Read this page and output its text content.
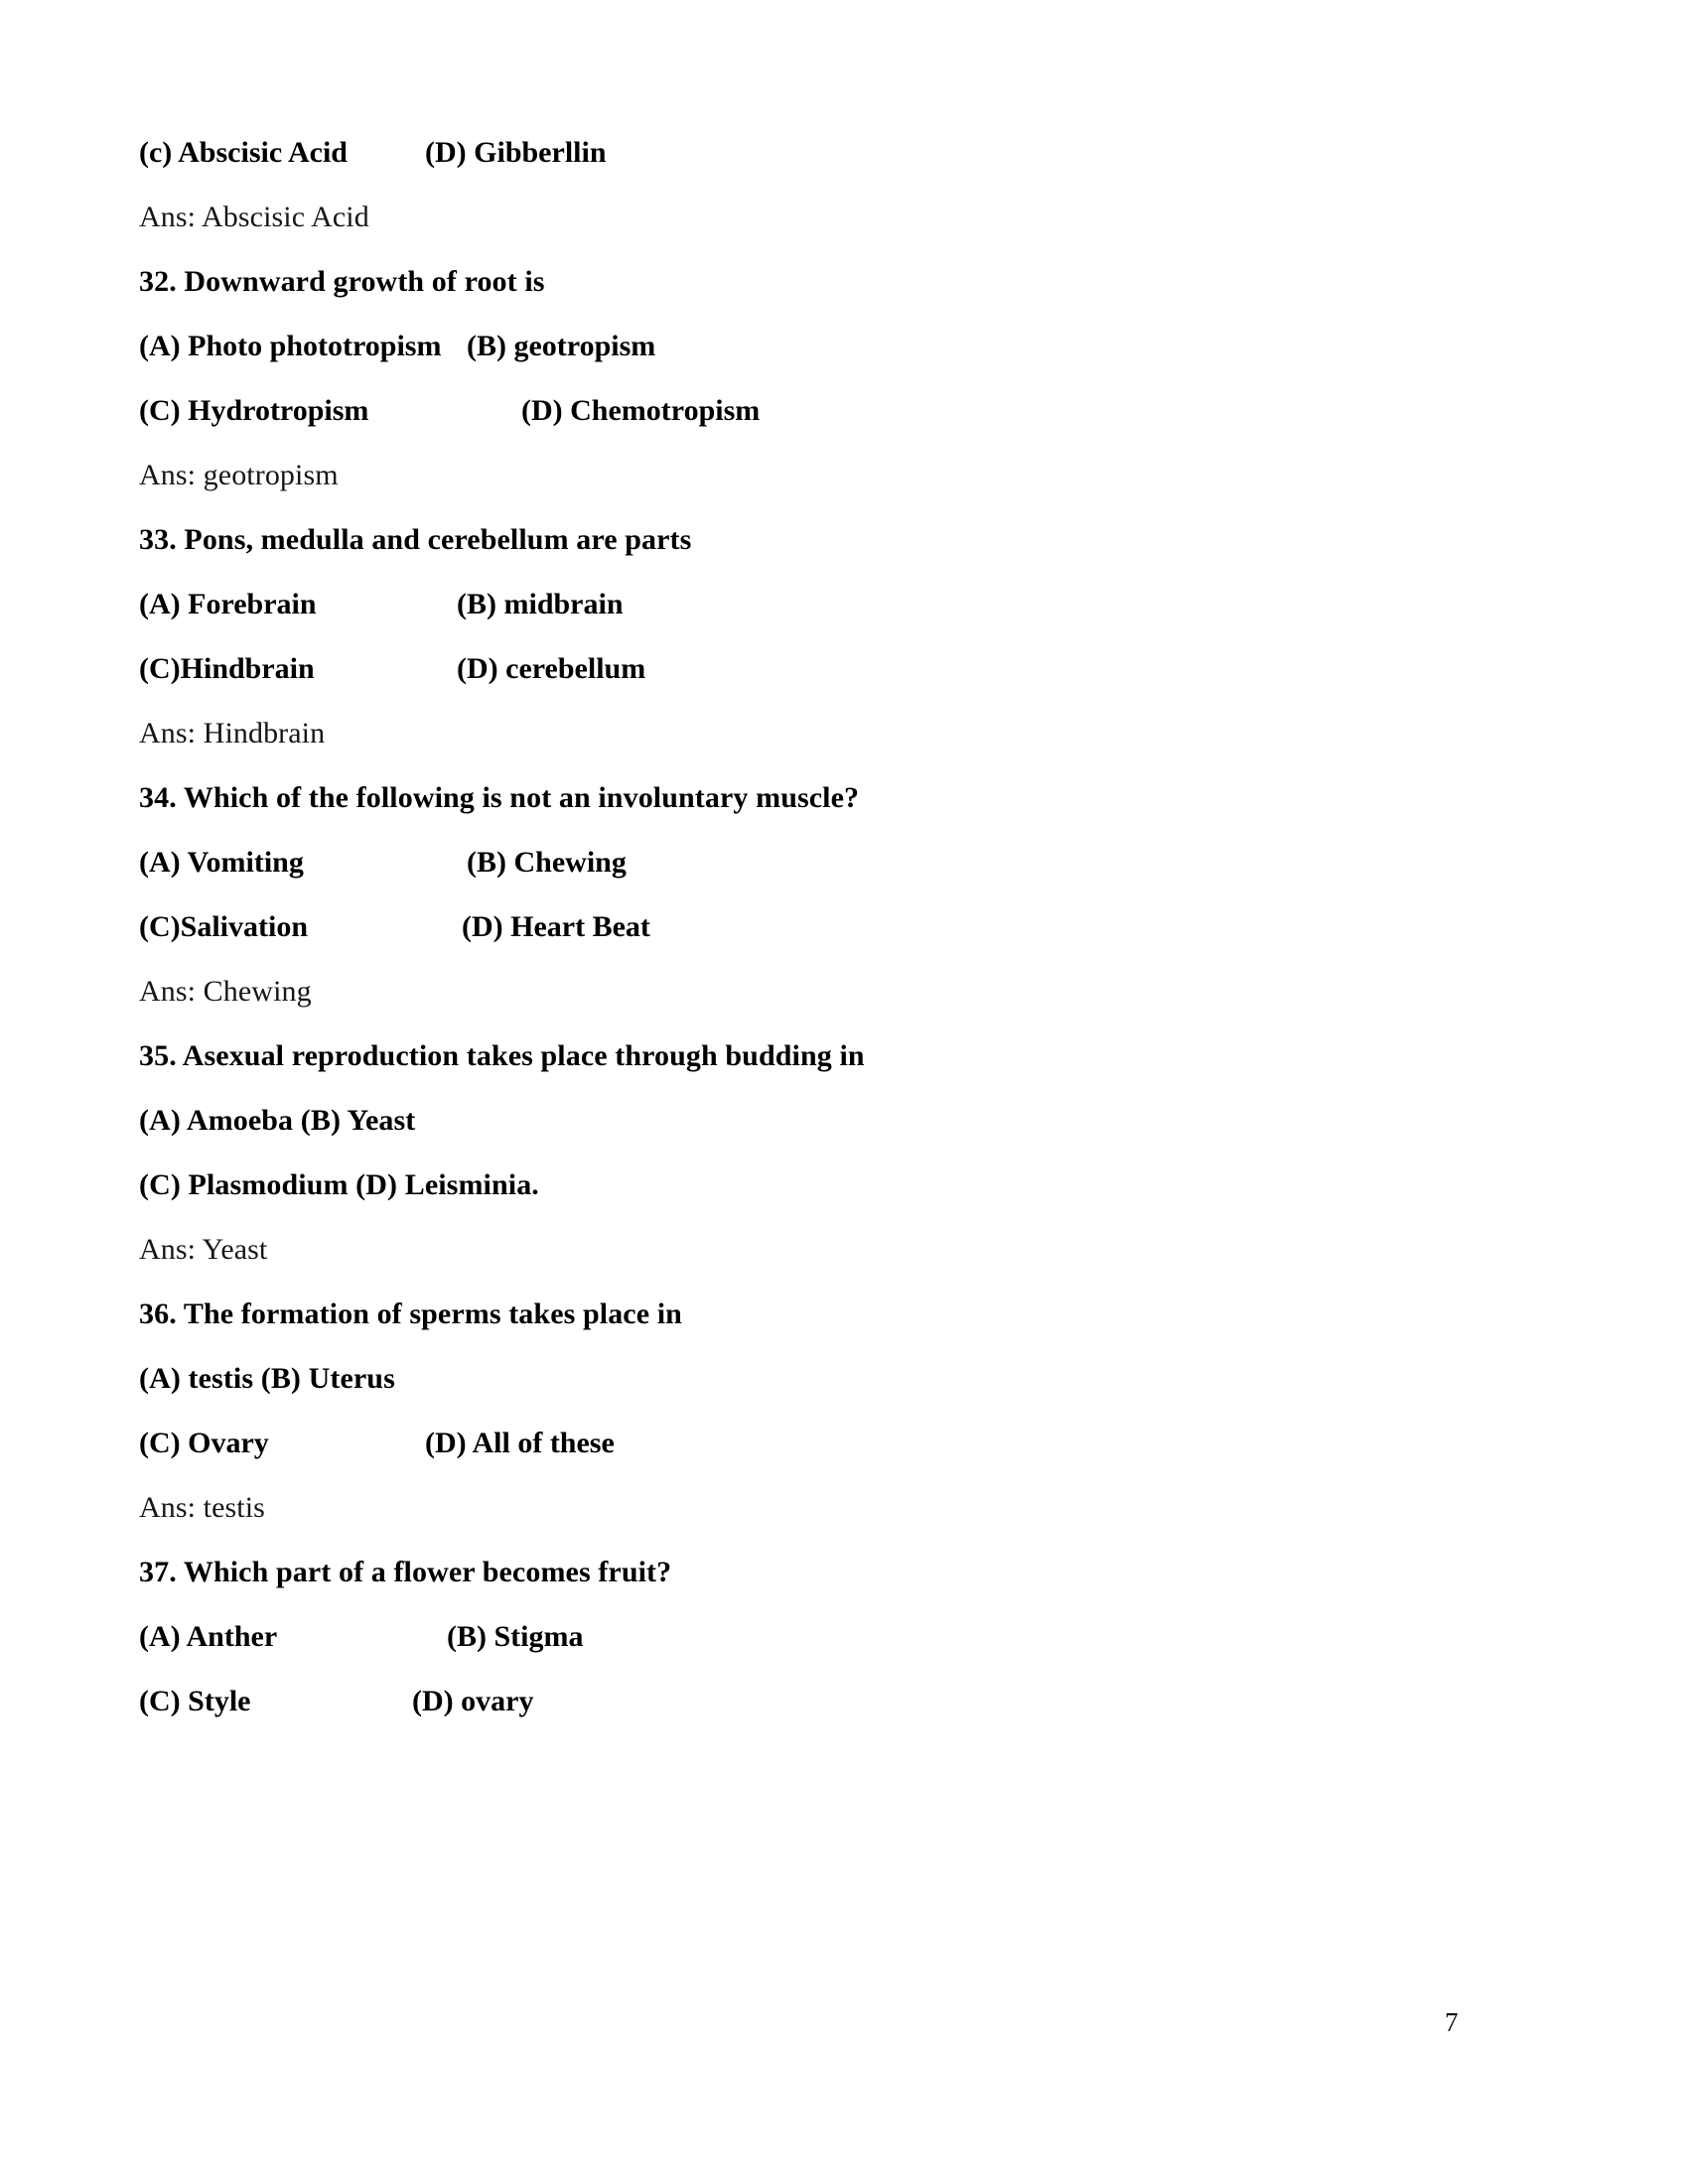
(c) Abscisic Acid	(D) Gibberllin
Ans: Abscisic Acid
32. Downward growth of root is
(A) Photo phototropism (B) geotropism
(C) Hydrotropism	(D) Chemotropism
Ans: geotropism
33. Pons, medulla and cerebellum are parts
(A) Forebrain	(B) midbrain
(C)Hindbrain	(D) cerebellum
Ans: Hindbrain
34. Which of the following is not an involuntary muscle?
(A) Vomiting	(B) Chewing
(C)Salivation	(D) Heart Beat
Ans: Chewing
35. Asexual reproduction takes place through budding in
(A) Amoeba (B) Yeast
(C) Plasmodium (D) Leisminia.
Ans: Yeast
36. The formation of sperms takes place in
(A) testis (B) Uterus
(C) Ovary	(D) All of these
Ans: testis
37. Which part of a flower becomes fruit?
(A) Anther	(B) Stigma
(C) Style	(D) ovary
7
